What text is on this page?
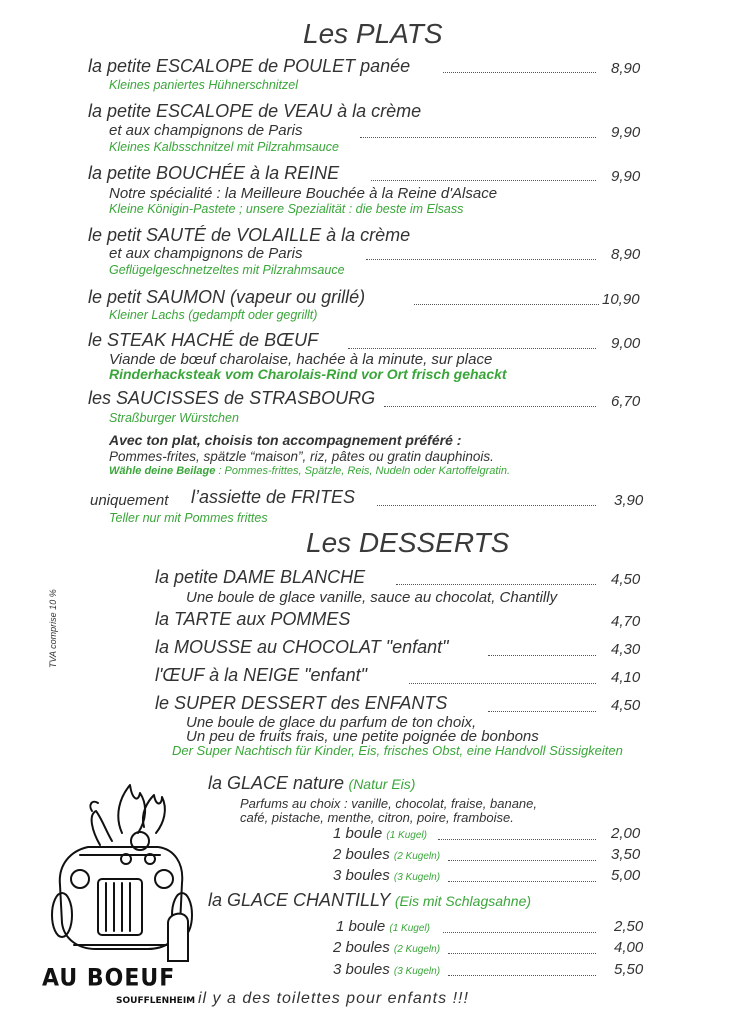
Les PLATS
la petite ESCALOPE de POULET panée	8,90
Kleines paniertes Hühnerschnitzel
la petite ESCALOPE de VEAU à la crème
et aux champignons de Paris	9,90
Kleines Kalbsschnitzel mit Pilzrahmsauce
la petite BOUCHÉE à la REINE	9,90
Notre spécialité : la Meilleure Bouchée à la Reine d'Alsace
Kleine Königin-Pastete ; unsere Spezialität : die beste im Elsass
le petit SAUTÉ de VOLAILLE à la crème
et aux champignons de Paris	8,90
Geflügelgeschnetzeltes mit Pilzrahmsauce
le petit SAUMON (vapeur ou grillé)	10,90
Kleiner Lachs (gedampft oder gegrillt)
le STEAK HACHÉ de BŒUF	9,00
Viande de bœuf charolaise, hachée à la minute, sur place
Rinderhacksteak vom Charolais-Rind vor Ort frisch gehackt
les SAUCISSES de STRASBOURG	6,70
Straßburger Würstchen
Avec ton plat, choisis ton accompagnement préféré :
Pommes-frites, spätzle “maison”, riz, pâtes ou gratin dauphinois.
Wähle deine Beilage : Pommes-frittes, Spätzle, Reis, Nudeln oder Kartoffelgratin.
uniquement l’assiette de FRITES	3,90
Teller nur mit Pommes frittes
Les DESSERTS
la petite DAME BLANCHE	4,50
Une boule de glace vanille, sauce au chocolat, Chantilly
la TARTE aux POMMES	4,70
la MOUSSE au CHOCOLAT "enfant"	4,30
l'ŒUF à la NEIGE "enfant"	4,10
le SUPER DESSERT des ENFANTS	4,50
Une boule de glace du parfum de ton choix,
Un peu de fruits frais, une petite poignée de bonbons
Der Super Nachtisch für Kinder, Eis, frisches Obst, eine Handvoll Süssigkeiten
la GLACE nature (Natur Eis)
Parfums au choix : vanille, chocolat, fraise, banane,
café, pistache, menthe, citron, poire, framboise.
1 boule (1 Kugel)	2,00
2 boules (2 Kugeln)	3,50
3 boules (3 Kugeln)	5,00
la GLACE CHANTILLY (Eis mit Schlagsahne)
1 boule (1 Kugel)	2,50
2 boules (2 Kugeln)	4,00
3 boules (3 Kugeln)	5,50
TVA comprise 10 %
AU BOEUF
SOUFFLENHEIM il y a des toilettes pour enfants !!!
